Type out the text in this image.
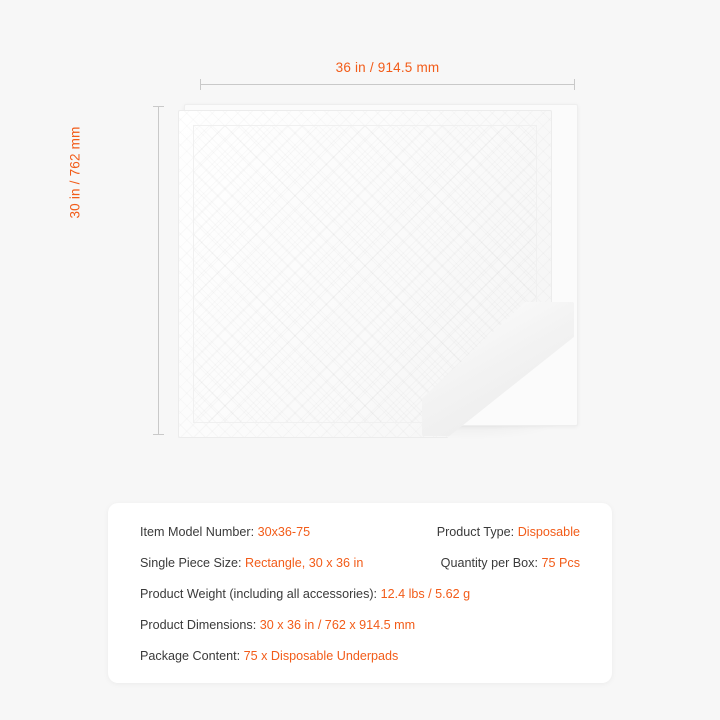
36 in / 914.5 mm
30 in / 762 mm
Item Model Number: 30x36-75	Product Type: Disposable
Single Piece Size: Rectangle, 30 x 36 in	Quantity per Box: 75 Pcs
Product Weight (including all accessories): 12.4 lbs / 5.62 g
Product Dimensions: 30 x 36 in / 762 x 914.5 mm
Package Content: 75 x Disposable Underpads
